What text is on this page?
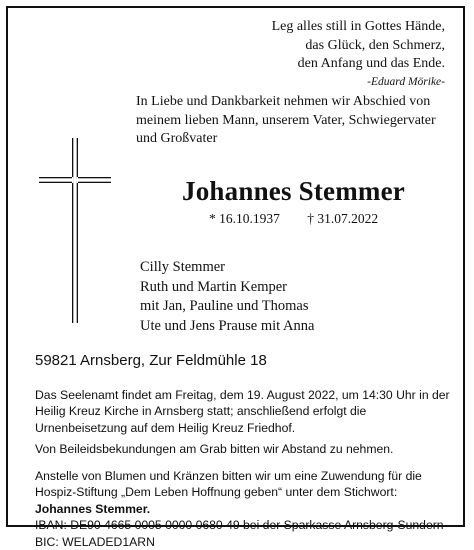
Leg alles still in Gottes Hände,
das Glück, den Schmerz,
den Anfang und das Ende.
-Eduard Mörike-
In Liebe und Dankbarkeit nehmen wir Abschied von meinem lieben Mann, unserem Vater, Schwiegervater und Großvater
Johannes Stemmer
* 16.10.1937 † 31.07.2022
Cilly Stemmer
Ruth und Martin Kemper
mit Jan, Pauline und Thomas
Ute und Jens Prause mit Anna
59821 Arnsberg, Zur Feldmühle 18
Das Seelenamt findet am Freitag, dem 19. August 2022, um 14:30 Uhr in der Heilig Kreuz Kirche in Arnsberg statt; anschließend erfolgt die Urnenbeisetzung auf dem Heilig Kreuz Friedhof.
Von Beileidsbekundungen am Grab bitten wir Abstand zu nehmen.
Anstelle von Blumen und Kränzen bitten wir um eine Zuwendung für die Hospiz-Stiftung „Dem Leben Hoffnung geben“ unter dem Stichwort: Johannes Stemmer.
IBAN: DE90 4665 0005 0000 0680 49 bei der Sparkasse Arnsberg-Sundern
BIC: WELADED1ARN
